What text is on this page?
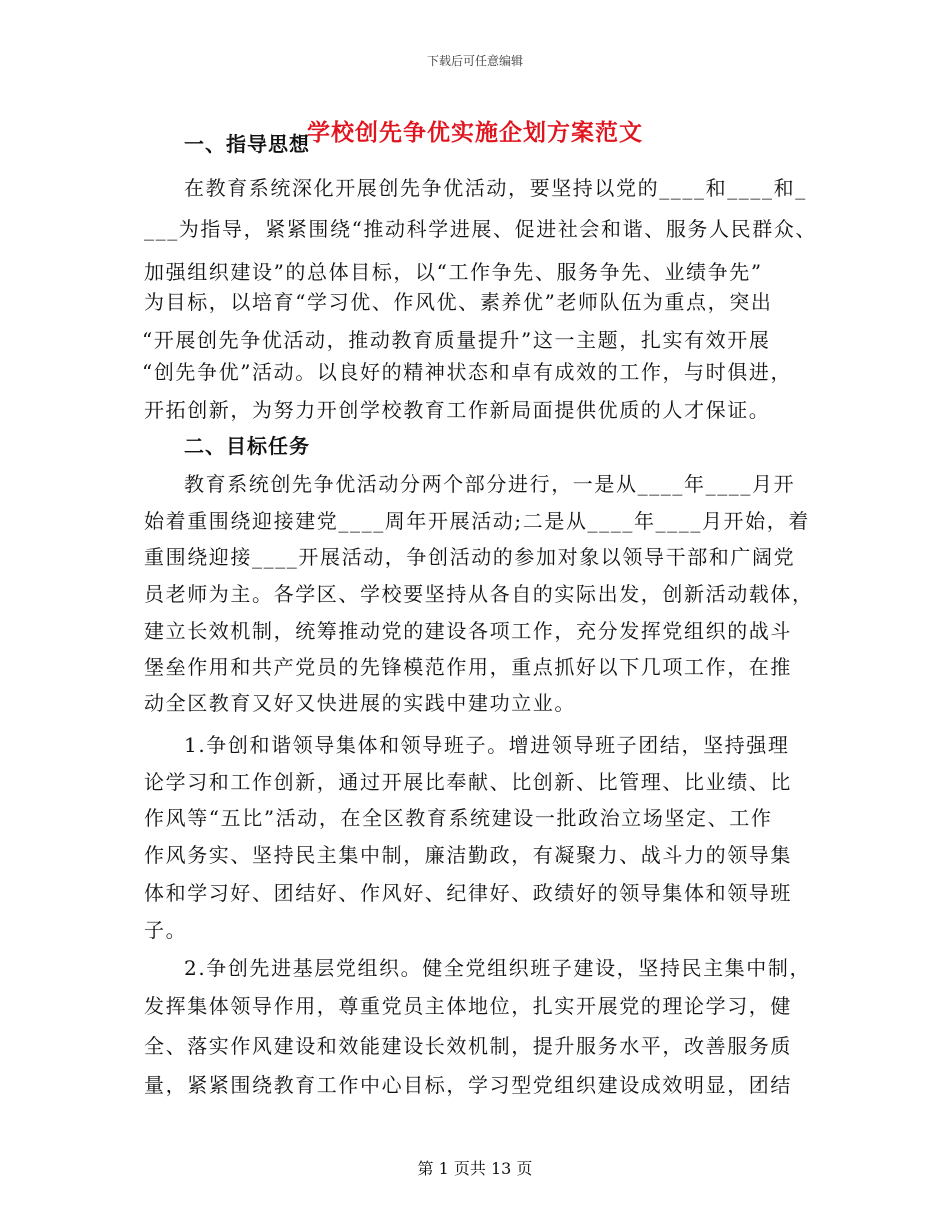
下载后可任意编辑
学校创先争优实施企划方案范文
一、指导思想
在教育系统深化开展创先争优活动，要坚持以党的____和____和_
___为指导，紧紧围绕“推动科学进展、促进社会和谐、服务人民群众、
加强组织建设”的总体目标，以“工作争先、服务争先、业绩争先”
为目标，以培育“学习优、作风优、素养优”老师队伍为重点，突出
“开展创先争优活动，推动教育质量提升”这一主题，扎实有效开展
“创先争优”活动。以良好的精神状态和卓有成效的工作，与时俱进，
开拓创新，为努力开创学校教育工作新局面提供优质的人才保证。
二、目标任务
教育系统创先争优活动分两个部分进行，一是从____年____月开
始着重围绕迎接建党____周年开展活动;二是从____年____月开始，着
重围绕迎接____开展活动，争创活动的参加对象以领导干部和广阔党
员老师为主。各学区、学校要坚持从各自的实际出发，创新活动载体，
建立长效机制，统筹推动党的建设各项工作，充分发挥党组织的战斗
堡垒作用和共产党员的先锋模范作用，重点抓好以下几项工作，在推
动全区教育又好又快进展的实践中建功立业。
1.争创和谐领导集体和领导班子。增进领导班子团结，坚持强理
论学习和工作创新，通过开展比奉献、比创新、比管理、比业绩、比
作风等“五比”活动，在全区教育系统建设一批政治立场坚定、工作
作风务实、坚持民主集中制，廉洁勤政，有凝聚力、战斗力的领导集
体和学习好、团结好、作风好、纪律好、政绩好的领导集体和领导班
子。
2.争创先进基层党组织。健全党组织班子建设，坚持民主集中制，
发挥集体领导作用，尊重党员主体地位，扎实开展党的理论学习，健
全、落实作风建设和效能建设长效机制，提升服务水平，改善服务质
量，紧紧围绕教育工作中心目标，学习型党组织建设成效明显，团结
第 1 页共 13 页
